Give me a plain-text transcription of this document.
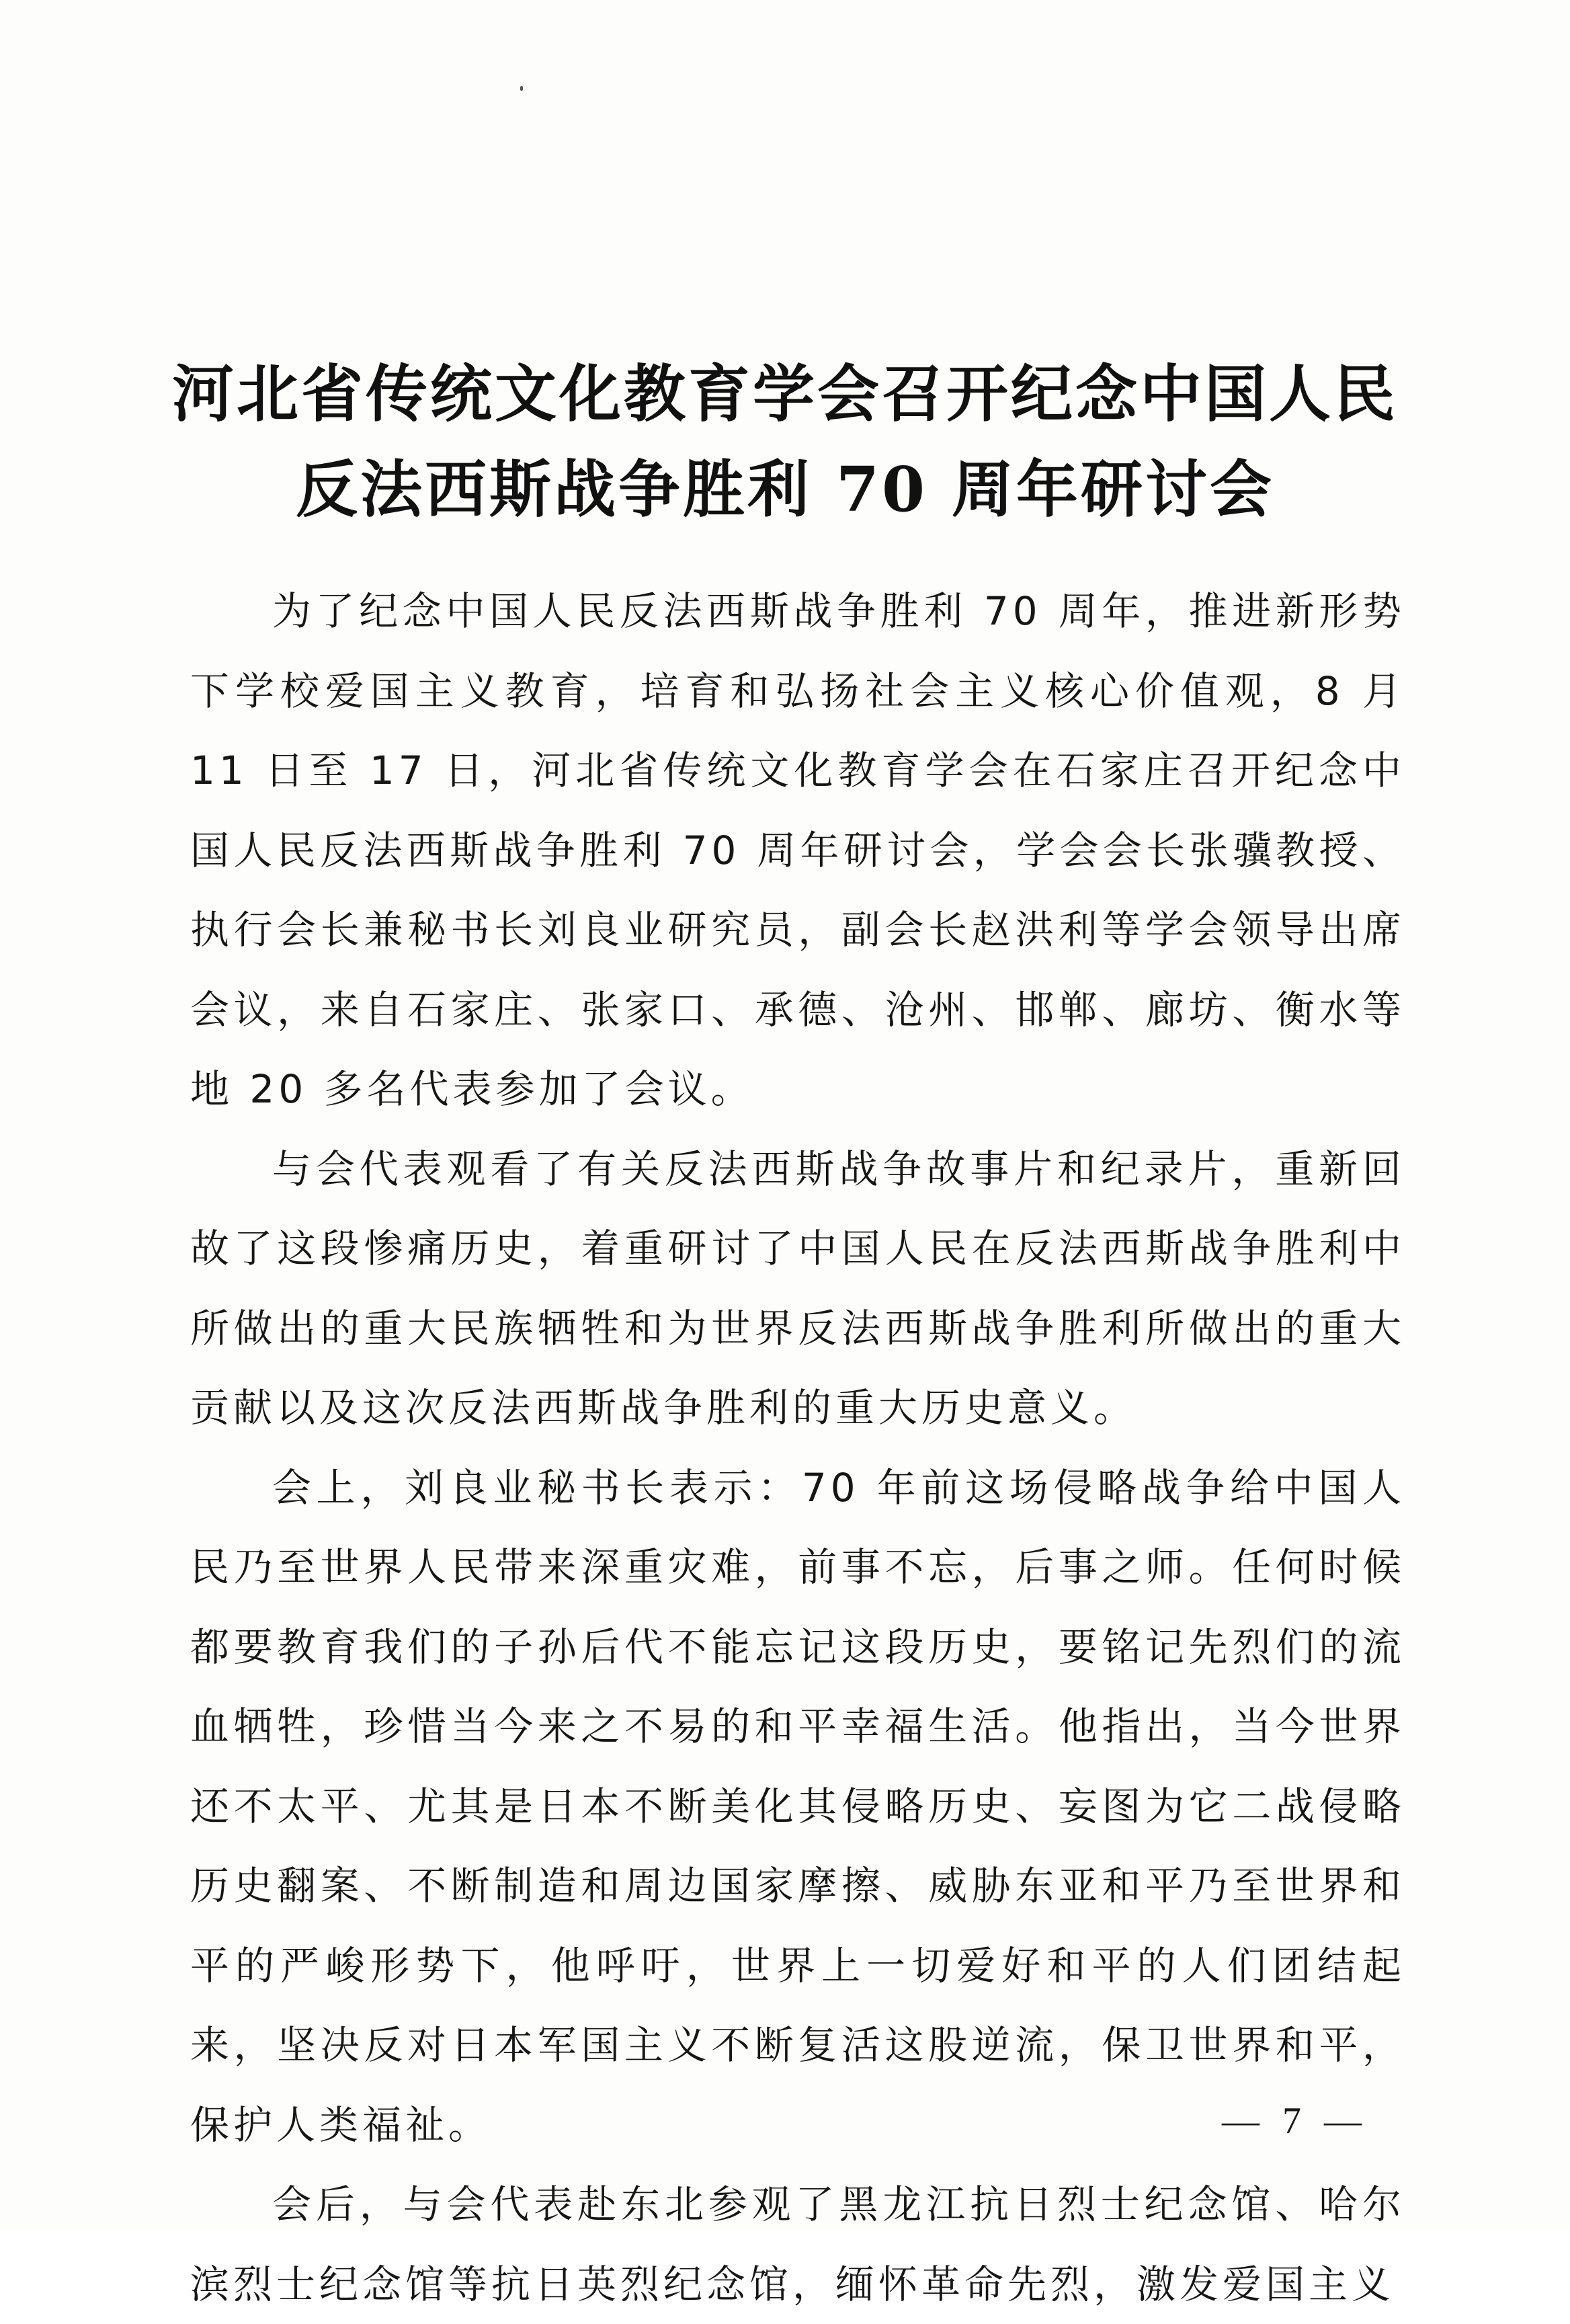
河北省传统文化教育学会召开纪念中国人民
反法西斯战争胜利 70 周年研讨会

为了纪念中国人民反法西斯战争胜利 70 周年，推进新形势下学校爱国主义教育，培育和弘扬社会主义核心价值观，8 月 11 日至 17 日，河北省传统文化教育学会在石家庄召开纪念中国人民反法西斯战争胜利 70 周年研讨会，学会会长张骥教授、执行会长兼秘书长刘良业研究员，副会长赵洪利等学会领导出席会议，来自石家庄、张家口、承德、沧州、邯郸、廊坊、衡水等地 20 多名代表参加了会议。

与会代表观看了有关反法西斯战争故事片和纪录片，重新回故了这段惨痛历史，着重研讨了中国人民在反法西斯战争胜利中所做出的重大民族牺牲和为世界反法西斯战争胜利所做出的重大贡献以及这次反法西斯战争胜利的重大历史意义。

会上，刘良业秘书长表示：70 年前这场侵略战争给中国人民乃至世界人民带来深重灾难，前事不忘，后事之师。任何时候都要教育我们的子孙后代不能忘记这段历史，要铭记先烈们的流血牺牲，珍惜当今来之不易的和平幸福生活。他指出，当今世界还不太平、尤其是日本不断美化其侵略历史、妄图为它二战侵略历史翻案、不断制造和周边国家摩擦、威胁东亚和平乃至世界和平的严峻形势下，他呼吁，世界上一切爱好和平的人们团结起来，坚决反对日本军国主义不断复活这股逆流，保卫世界和平，保护人类福祉。

会后，与会代表赴东北参观了黑龙江抗日烈士纪念馆、哈尔滨烈士纪念馆等抗日英烈纪念馆，缅怀革命先烈，激发爱国主义

— 7 —
